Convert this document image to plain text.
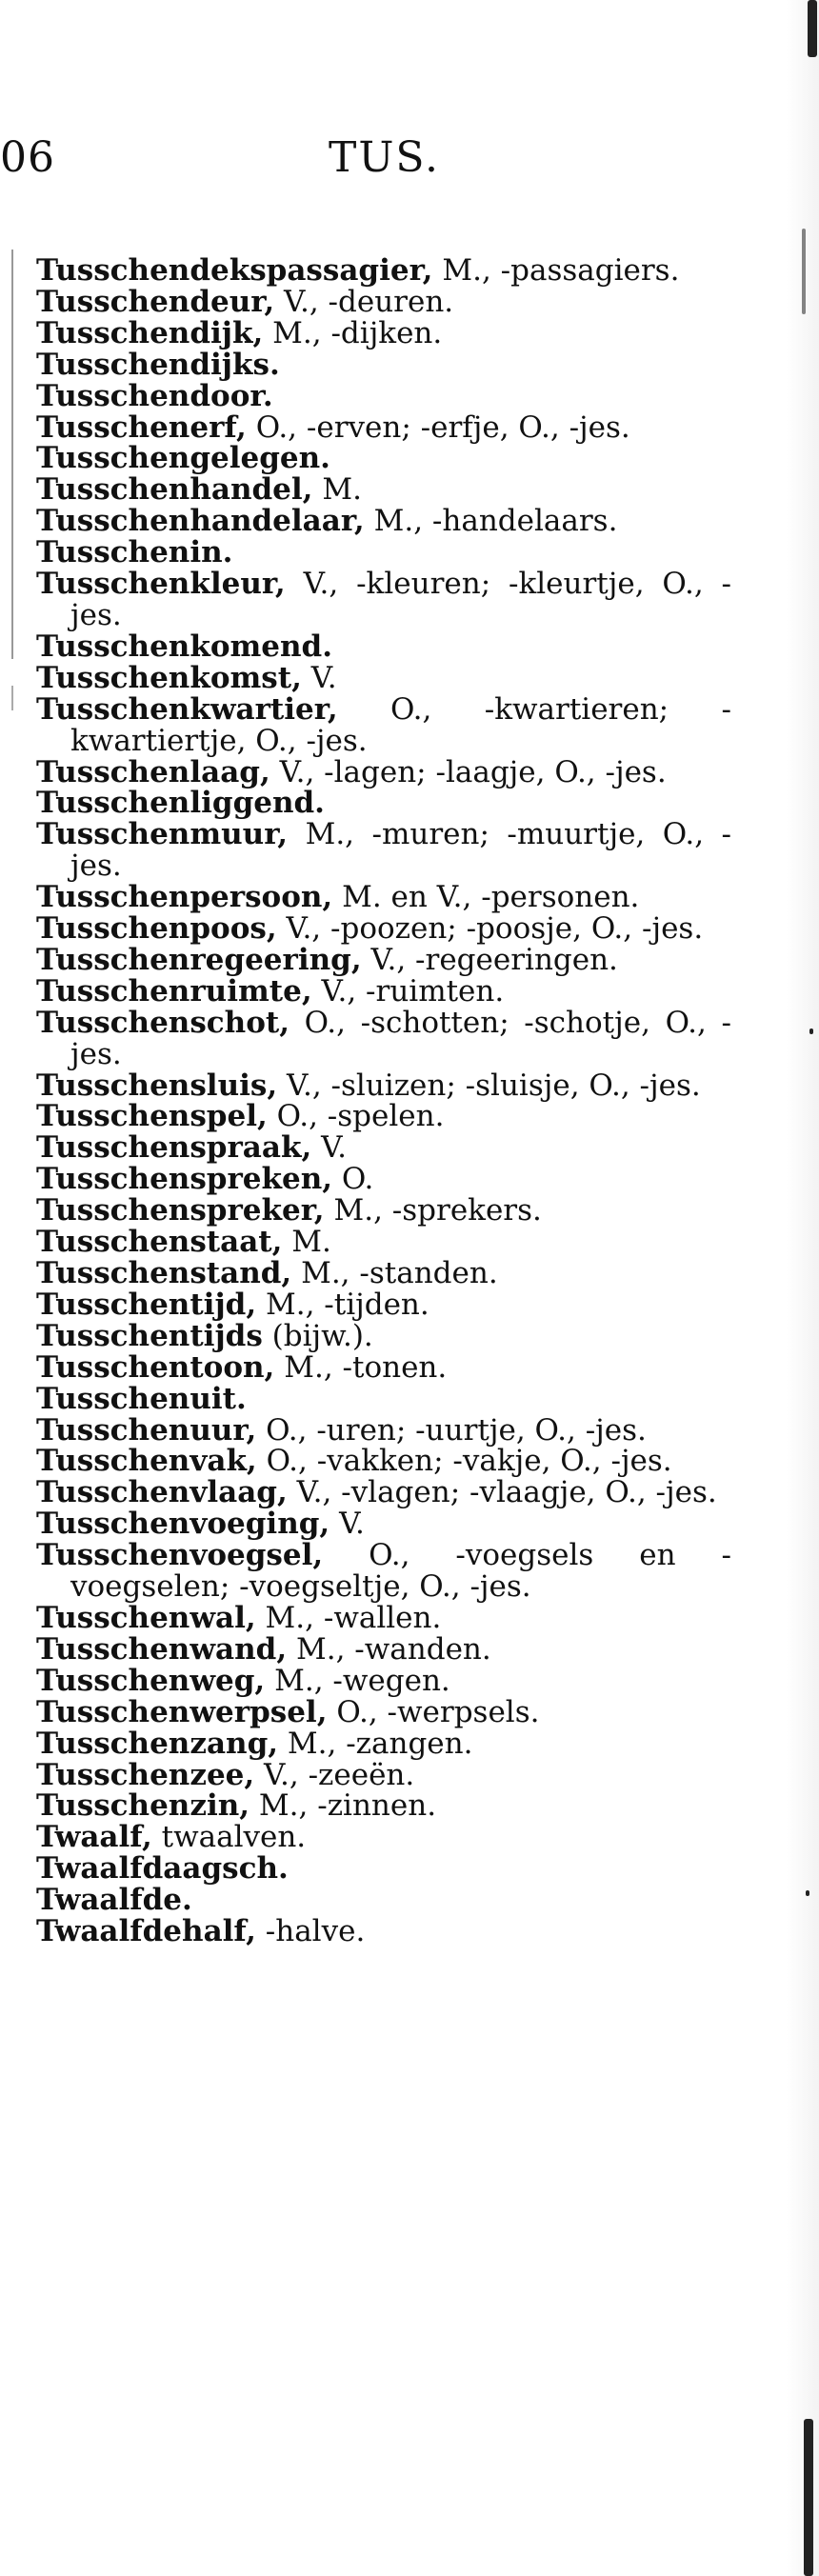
06	TUS.
Tusschendekspassagier, M., -passagiers.
Tusschendeur, V., -deuren.
Tusschendijk, M., -dijken.
Tusschendijks.
Tusschendoor.
Tusschenerf, O., -erven; -erfje, O., -jes.
Tusschengelegen.
Tusschenhandel, M.
Tusschenhandelaar, M., -handelaars.
Tusschenin.
Tusschenkleur, V., -kleuren; -kleurtje, O., -jes.
Tusschenkomend.
Tusschenkomst, V.
Tusschenkwartier, O., -kwartieren; -kwartiertje, O., -jes.
Tusschenlaag, V., -lagen; -laagje, O., -jes.
Tusschenliggend.
Tusschenmuur, M., -muren; -muurtje, O., -jes.
Tusschenpersoon, M. en V., -personen.
Tusschenpoos, V., -poozen; -poosje, O., -jes.
Tusschenregeering, V., -regeeringen.
Tusschenruimte, V., -ruimten.
Tusschenschot, O., -schotten; -schotje, O., -jes.
Tusschensluis, V., -sluizen; -sluisje, O., -jes.
Tusschenspel, O., -spelen.
Tusschenspraak, V.
Tusschenspreken, O.
Tusschenspreker, M., -sprekers.
Tusschenstaat, M.
Tusschenstand, M., -standen.
Tusschentijd, M., -tijden.
Tusschentijds (bijw.).
Tusschentoon, M., -tonen.
Tusschenuit.
Tusschenuur, O., -uren; -uurtje, O., -jes.
Tusschenvak, O., -vakken; -vakje, O., -jes.
Tusschenvlaag, V., -vlagen; -vlaagje, O., -jes.
Tusschenvoeging, V.
Tusschenvoegsel, O., -voegsels en -voegselen; -voegseltje, O., -jes.
Tusschenwal, M., -wallen.
Tusschenwand, M., -wanden.
Tusschenweg, M., -wegen.
Tusschenwerpsel, O., -werpsels.
Tusschenzang, M., -zangen.
Tusschenzee, V., -zeeën.
Tusschenzin, M., -zinnen.
Twaalf, twaalven.
Twaalfdaagsch.
Twaalfde.
Twaalfdehalf, -halve.
